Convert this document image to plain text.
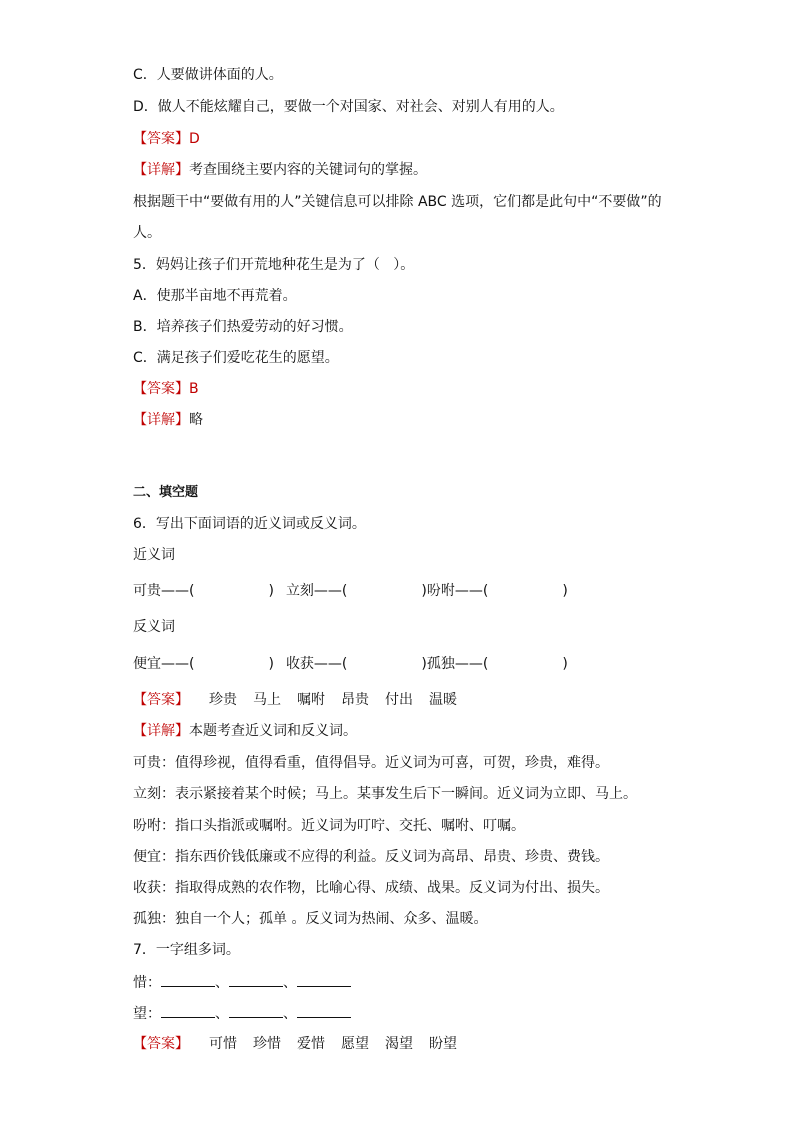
C．人要做讲体面的人。
D．做人不能炫耀自己，要做一个对国家、对社会、对别人有用的人。
【答案】D
【详解】考查围绕主要内容的关键词句的掌握。
根据题干中“要做有用的人”关键信息可以排除 ABC 选项，它们都是此句中“不要做”的
人。
5．妈妈让孩子们开荒地种花生是为了（   ）。
A．使那半亩地不再荒着。
B．培养孩子们热爱劳动的好习惯。
C．满足孩子们爱吃花生的愿望。
【答案】B
【详解】略
二、填空题
6．写出下面词语的近义词或反义词。
近义词
可贵——(	) 立刻——(	)吩咐——(	)
反义词
便宜——(	) 收获——(	)孤独——(	)
【答案】 珍贵 马上 嘱咐 昂贵 付出 温暖
【详解】本题考查近义词和反义词。
可贵：值得珍视，值得看重，值得倡导。近义词为可喜，可贺，珍贵，难得。
立刻：表示紧接着某个时候；马上。某事发生后下一瞬间。近义词为立即、马上。
吩咐：指口头指派或嘱咐。近义词为叮咛、交托、嘱咐、叮嘱。
便宜：指东西价钱低廉或不应得的利益。反义词为高昂、昂贵、珍贵、费钱。
收获：指取得成熟的农作物，比喻心得、成绩、战果。反义词为付出、损失。
孤独：独自一个人；孤单 。反义词为热闹、众多、温暖。
7．一字组多词。
惜：	、	、
望：	、	、
【答案】 可惜 珍惜 爱惜 愿望 渴望 盼望
